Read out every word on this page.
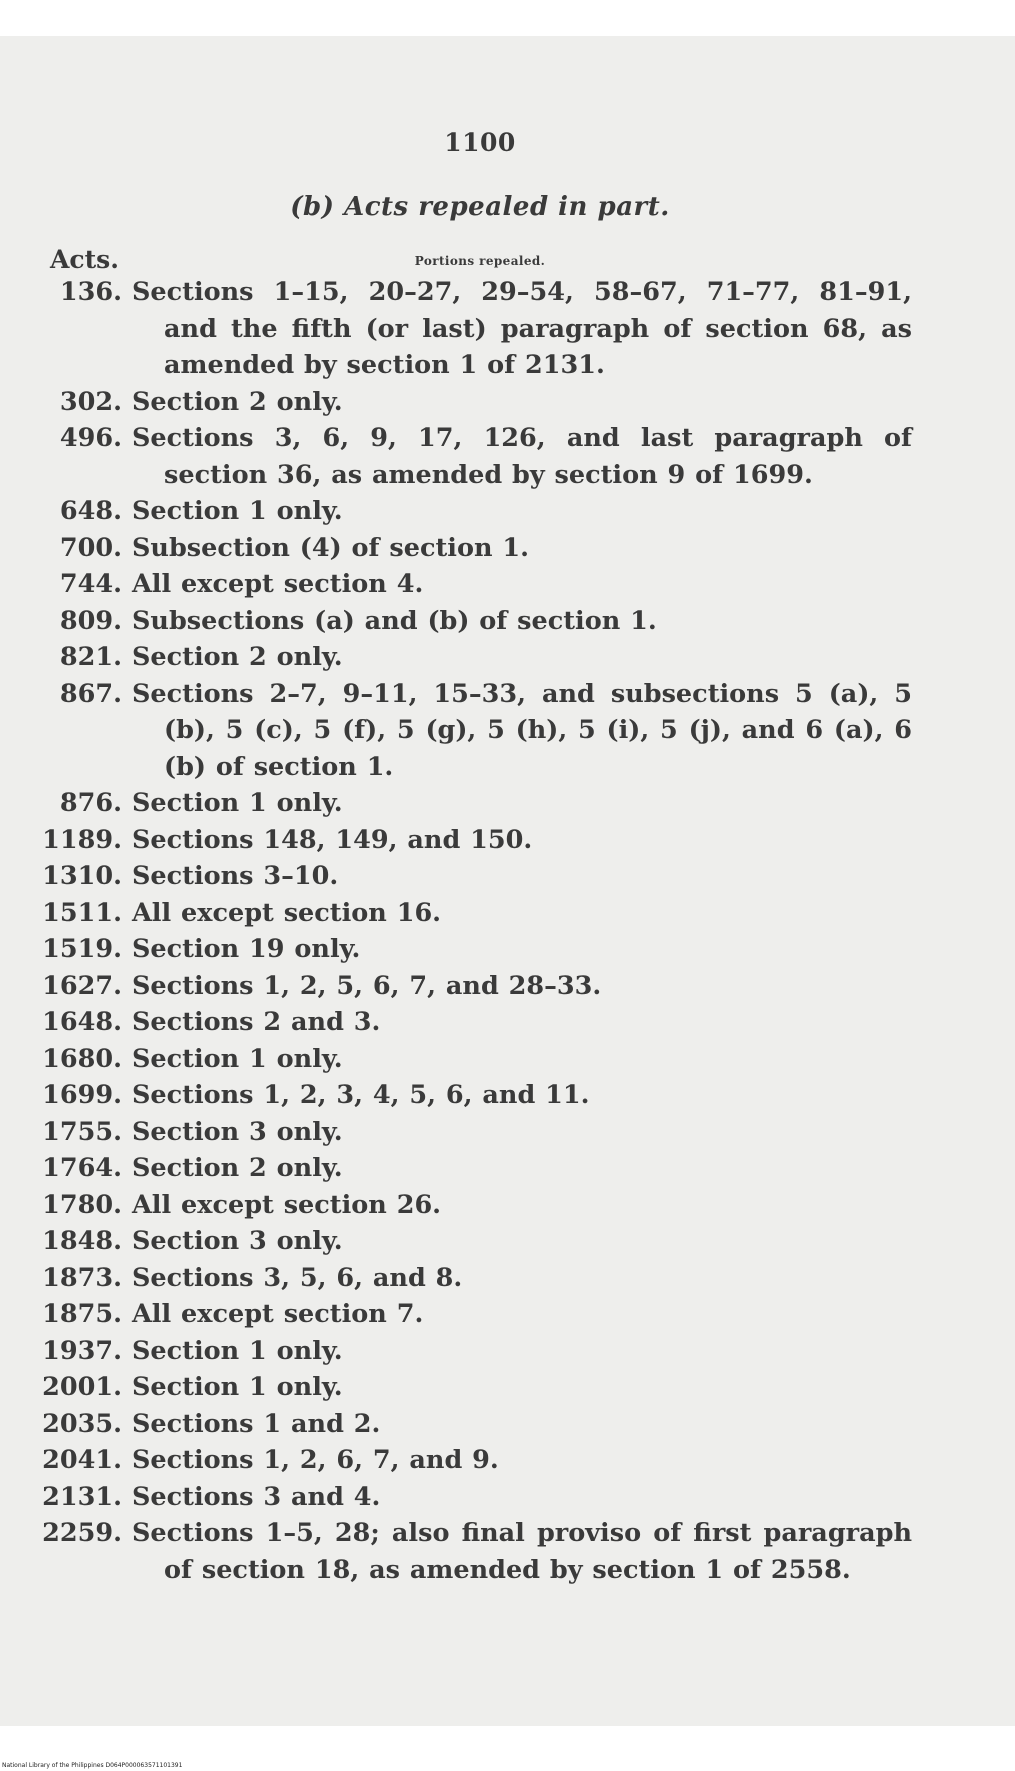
1100
(b) Acts repealed in part.
Portions repealed.
Acts.
136. Sections 1–15, 20–27, 29–54, 58–67, 71–77, 81–91, and the fifth (or last) paragraph of section 68, as amended by section 1 of 2131.
302. Section 2 only.
496. Sections 3, 6, 9, 17, 126, and last paragraph of section 36, as amended by section 9 of 1699.
648. Section 1 only.
700. Subsection (4) of section 1.
744. All except section 4.
809. Subsections (a) and (b) of section 1.
821. Section 2 only.
867. Sections 2–7, 9–11, 15–33, and subsections 5 (a), 5 (b), 5 (c), 5 (f), 5 (g), 5 (h), 5 (i), 5 (j), and 6 (a), 6 (b) of section 1.
876. Section 1 only.
1189. Sections 148, 149, and 150.
1310. Sections 3–10.
1511. All except section 16.
1519. Section 19 only.
1627. Sections 1, 2, 5, 6, 7, and 28–33.
1648. Sections 2 and 3.
1680. Section 1 only.
1699. Sections 1, 2, 3, 4, 5, 6, and 11.
1755. Section 3 only.
1764. Section 2 only.
1780. All except section 26.
1848. Section 3 only.
1873. Sections 3, 5, 6, and 8.
1875. All except section 7.
1937. Section 1 only.
2001. Section 1 only.
2035. Sections 1 and 2.
2041. Sections 1, 2, 6, 7, and 9.
2131. Sections 3 and 4.
2259. Sections 1–5, 28; also final proviso of first paragraph of section 18, as amended by section 1 of 2558.
National Library of the Philippines D064P000063571101391
